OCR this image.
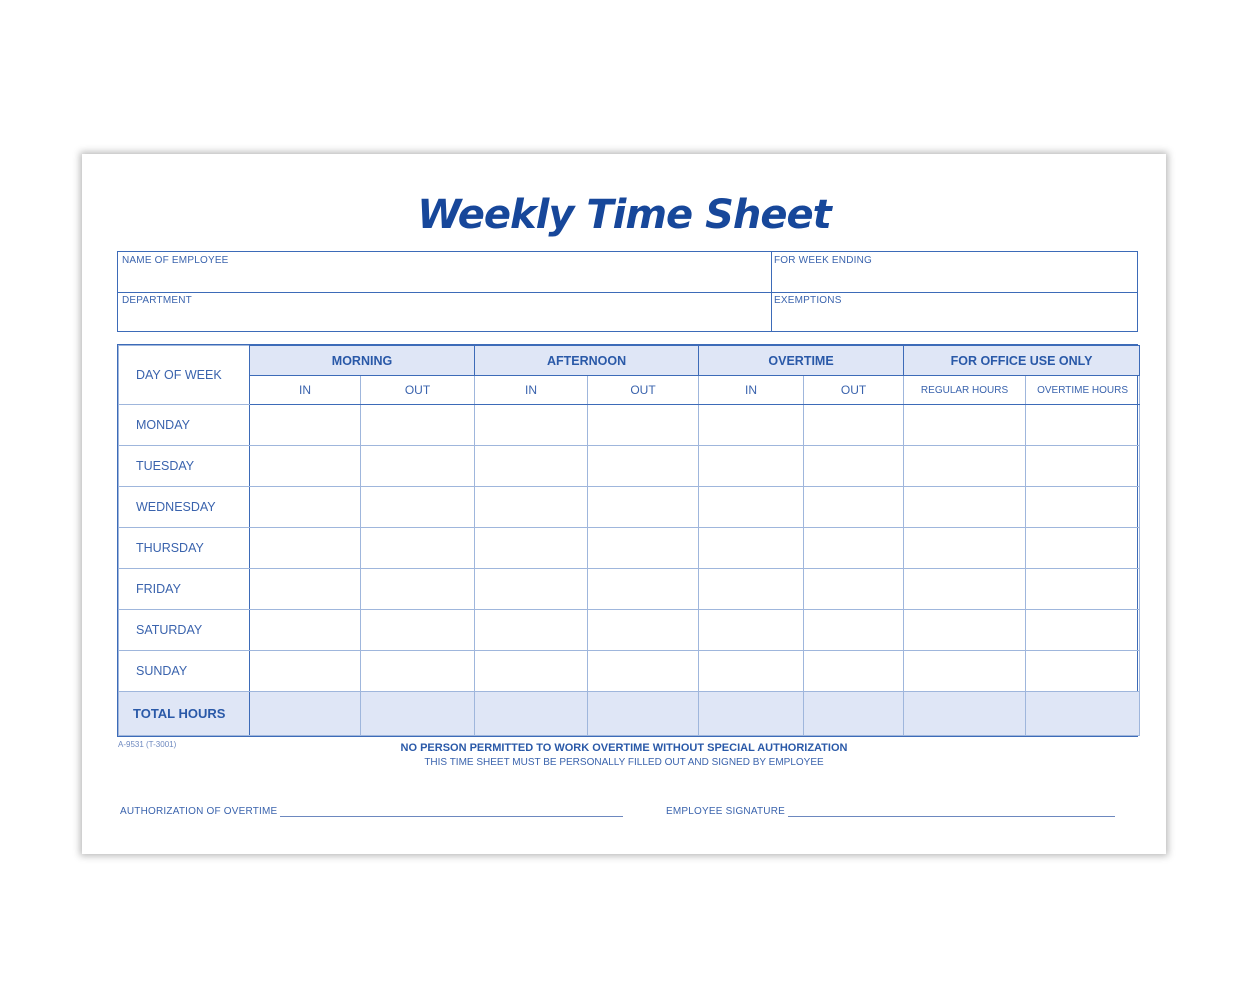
Weekly Time Sheet
NAME OF EMPLOYEE	FOR WEEK ENDING
DEPARTMENT	EXEMPTIONS
DAY OF WEEK	MORNING		AFTERNOON		OVERTIME		FOR OFFICE USE ONLY	
	IN	OUT	IN	OUT	IN	OUT	REGULAR HOURS	OVERTIME HOURS
MONDAY								
TUESDAY								
WEDNESDAY								
THURSDAY								
FRIDAY								
SATURDAY								
SUNDAY								
TOTAL HOURS								
A-9531 (T-3001)	NO PERSON PERMITTED TO WORK OVERTIME WITHOUT SPECIAL AUTHORIZATION
THIS TIME SHEET MUST BE PERSONALLY FILLED OUT AND SIGNED BY EMPLOYEE
AUTHORIZATION OF OVERTIME	EMPLOYEE SIGNATURE
